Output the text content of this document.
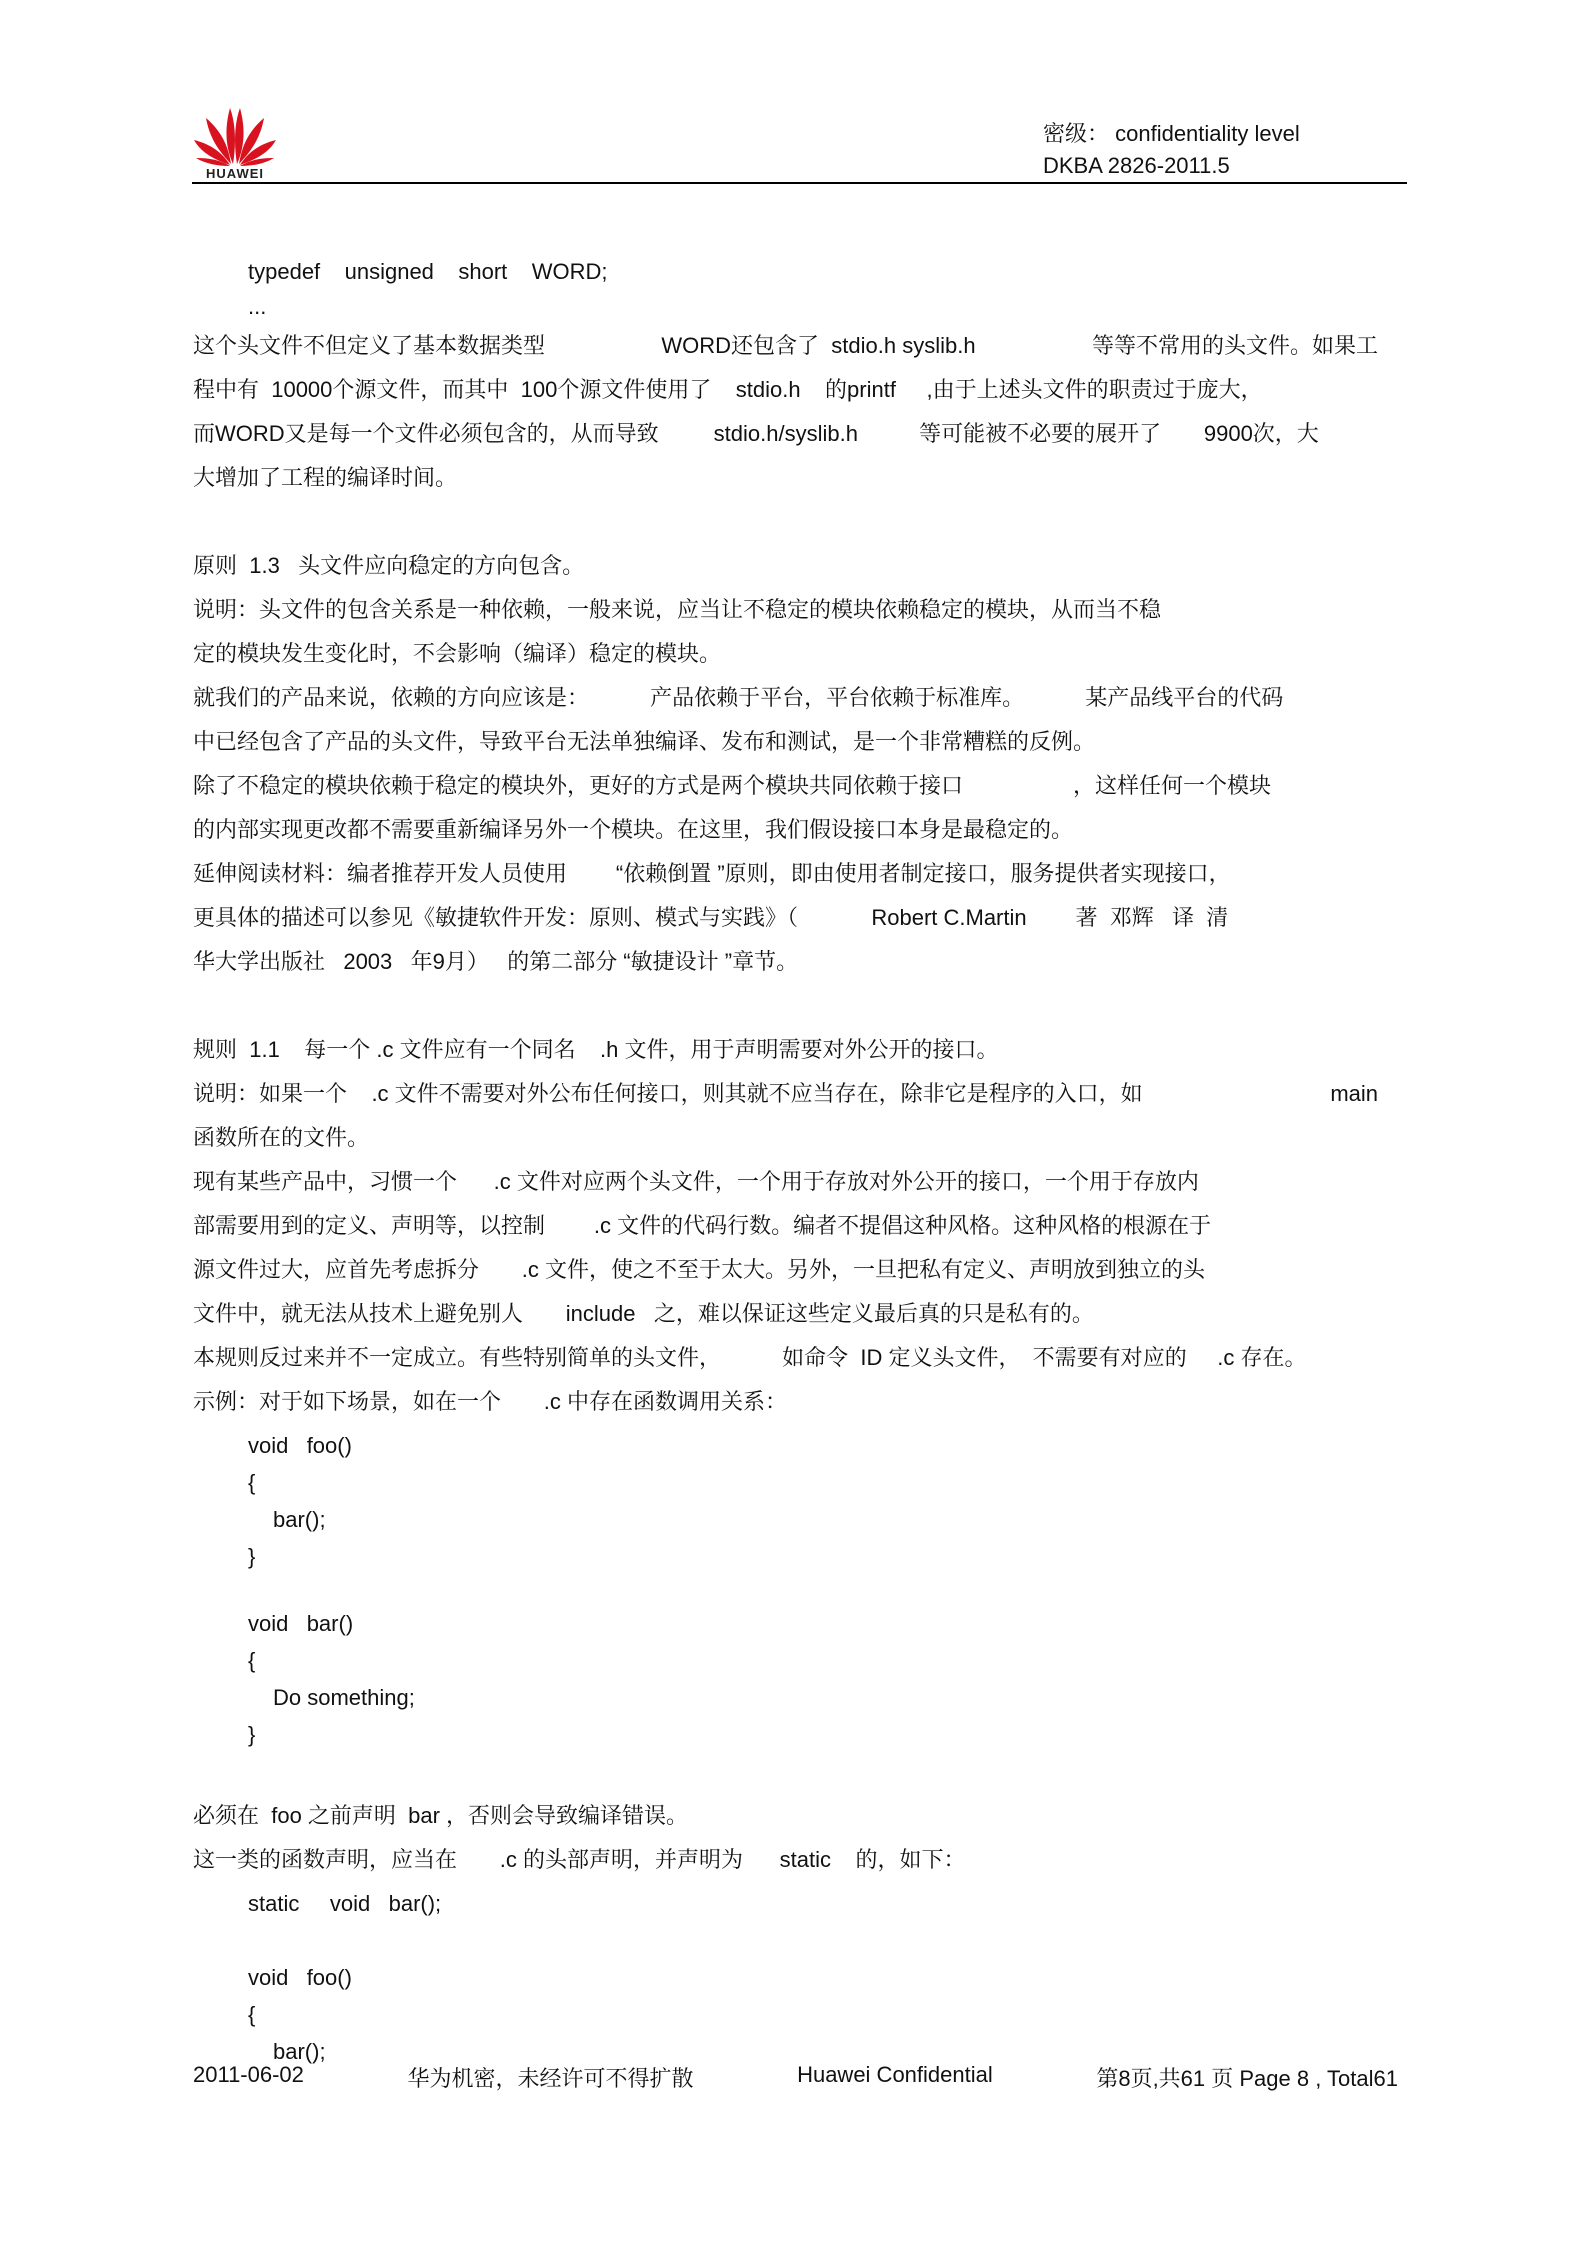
HUAWEI
密级： confidentiality level
DKBA 2826-2011.5
typedef    unsigned    short    WORD;
...
这个头文件不但定义了基本数据类型	WORD还包含了  stdio.h syslib.h	等等不常用的头文件。如果工
程中有  10000个源文件，而其中  100个源文件使用了    stdio.h    的printf     ,由于上述头文件的职责过于庞大，
而WORD又是每一个文件必须包含的，从而导致         stdio.h/syslib.h          等可能被不必要的展开了       9900次，大
大增加了工程的编译时间。
原则  1.3   头文件应向稳定的方向包含。
说明：头文件的包含关系是一种依赖，一般来说，应当让不稳定的模块依赖稳定的模块，从而当不稳
定的模块发生变化时，不会影响（编译）稳定的模块。
就我们的产品来说，依赖的方向应该是：          产品依赖于平台，平台依赖于标准库。          某产品线平台的代码
中已经包含了产品的头文件，导致平台无法单独编译、发布和测试，是一个非常糟糕的反例。
除了不稳定的模块依赖于稳定的模块外，更好的方式是两个模块共同依赖于接口                  ，这样任何一个模块
的内部实现更改都不需要重新编译另外一个模块。在这里，我们假设接口本身是最稳定的。
延伸阅读材料：编者推荐开发人员使用        “依赖倒置 ”原则，即由使用者制定接口，服务提供者实现接口，
更具体的描述可以参见《敏捷软件开发：原则、模式与实践》（            Robert C.Martin        著  邓辉   译  清
华大学出版社   2003   年9月）   的第二部分 “敏捷设计 ”章节。
规则  1.1    每一个 .c 文件应有一个同名    .h 文件，用于声明需要对外公开的接口。
说明：如果一个    .c 文件不需要对外公布任何接口，则其就不应当存在，除非它是程序的入口，如	main
函数所在的文件。
现有某些产品中，习惯一个      .c 文件对应两个头文件，一个用于存放对外公开的接口，一个用于存放内
部需要用到的定义、声明等，以控制        .c 文件的代码行数。编者不提倡这种风格。这种风格的根源在于
源文件过大，应首先考虑拆分       .c 文件，使之不至于太大。另外，一旦把私有定义、声明放到独立的头
文件中，就无法从技术上避免别人       include   之，难以保证这些定义最后真的只是私有的。
本规则反过来并不一定成立。有些特别简单的头文件，          如命令  ID 定义头文件，  不需要有对应的     .c 存在。
示例：对于如下场景，如在一个       .c 中存在函数调用关系：
void   foo()
{
bar();
}
void   bar()
{
Do something;
}
必须在  foo 之前声明  bar ，否则会导致编译错误。
这一类的函数声明，应当在       .c 的头部声明，并声明为      static    的，如下：
static     void   bar();
void   foo()
{
bar();
2011-06-02	华为机密，未经许可不得扩散	Huawei Confidential	第8页,共61 页 Page 8 , Total61
